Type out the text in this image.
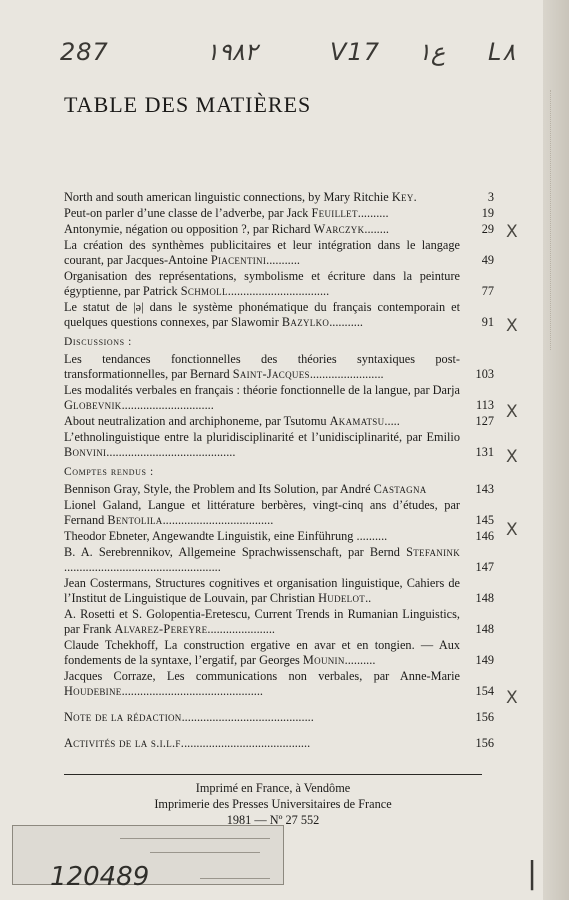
287	١٩٨٢	V17 ع١ L٨
TABLE DES MATIÈRES
North and south american linguistic connections, by Mary Ritchie Key.	3
Peut-on parler d’une classe de l’adverbe, par Jack Feuillet..........	19
Antonymie, négation ou opposition ?, par Richard Warczyk........	29
La création des synthèmes publicitaires et leur intégration dans le langage courant, par Jacques-Antoine Piacentini...........	49
Organisation des représentations, symbolisme et écriture dans la peinture égyptienne, par Patrick Schmoll.................................	77
Le statut de |ə| dans le système phonématique du français contemporain et quelques questions connexes, par Slawomir Bazylko...........	91
Discussions :
Les tendances fonctionnelles des théories syntaxiques post-transformationnelles, par Bernard Saint-Jacques........................	103
Les modalités verbales en français : théorie fonctionnelle de la langue, par Darja Globevnik..............................	113
About neutralization and archiphoneme, par Tsutomu Akamatsu.....	127
L’ethnolinguistique entre la pluridisciplinarité et l’unidisciplinarité, par Emilio Bonvini..........................................	131
Comptes rendus :
Bennison Gray, Style, the Problem and Its Solution, par André Castagna	143
Lionel Galand, Langue et littérature berbères, vingt-cinq ans d’études, par Fernand Bentolila....................................	145
Theodor Ebneter, Angewandte Linguistik, eine Einführung ..........	146
B. A. Serebrennikov, Allgemeine Sprachwissenschaft, par Bernd Stefanink...................................................	147
Jean Costermans, Structures cognitives et organisation linguistique, Cahiers de l’Institut de Linguistique de Louvain, par Christian Hudelot..	148
A. Rosetti et S. Golopentia-Eretescu, Current Trends in Rumanian Linguistics, par Frank Alvarez-Pereyre......................	148
Claude Tchekhoff, La construction ergative en avar et en tongien. — Aux fondements de la syntaxe, l’ergatif, par Georges Mounin..........	149
Jacques Corraze, Les communications non verbales, par Anne-Marie Houdebine..............................................	154
Note de la rédaction...........................................	156
Activités de la s.i.l.f..........................................	156
X
X
X
X
X
X
Imprimé en France, à Vendôme
Imprimerie des Presses Universitaires de France
1981 — Nº 27 552
120489	|
